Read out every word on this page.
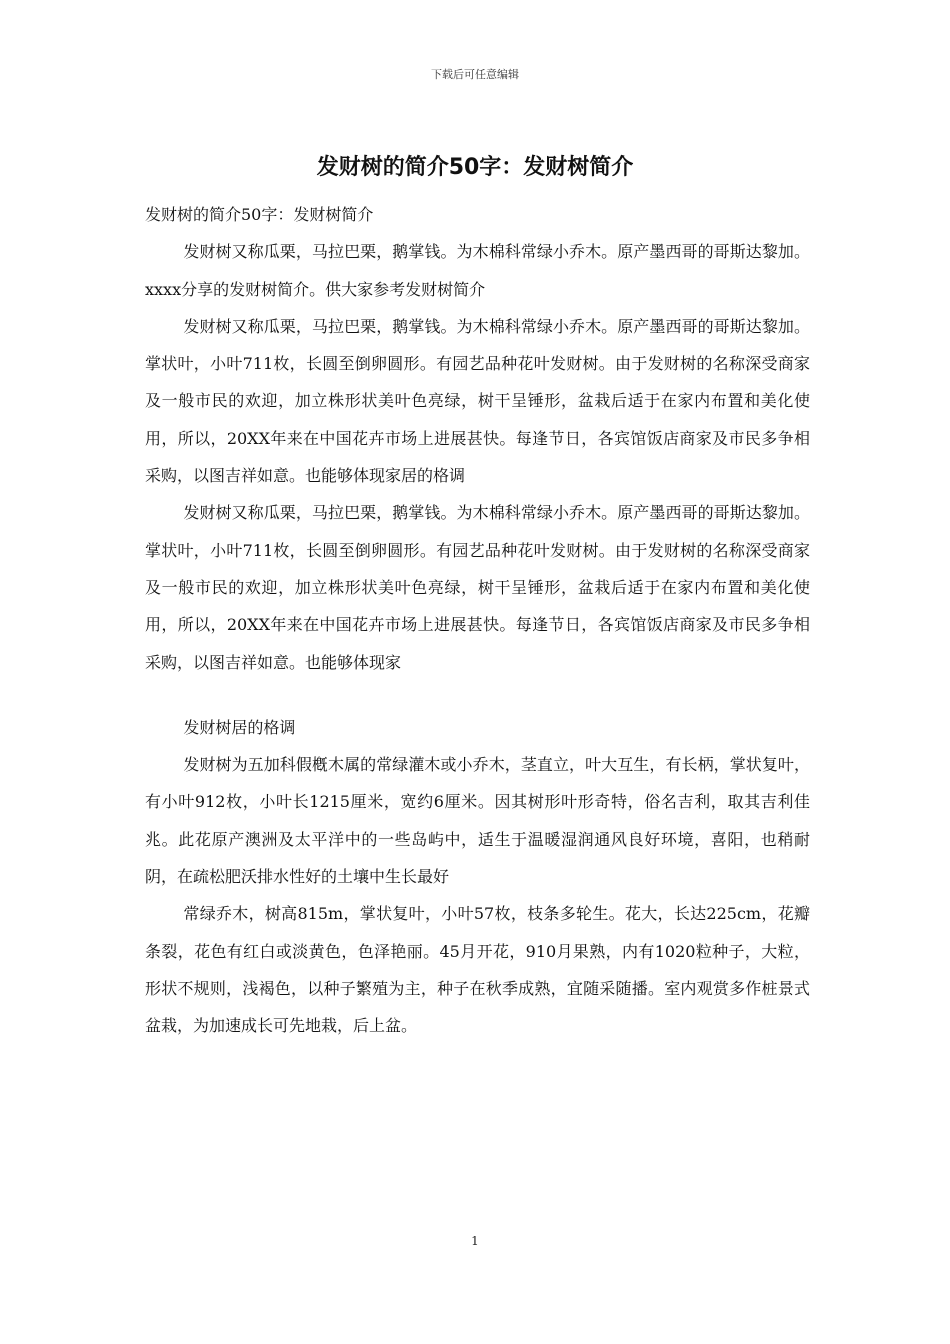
下载后可任意编辑
发财树的简介50字：发财树简介

发财树的简介50字：发财树简介

发财树又称瓜栗，马拉巴栗，鹅掌钱。为木棉科常绿小乔木。原产墨西哥的哥斯达黎加。xxxx分享的发财树简介。供大家参考发财树简介

发财树又称瓜栗，马拉巴栗，鹅掌钱。为木棉科常绿小乔木。原产墨西哥的哥斯达黎加。掌状叶，小叶711枚，长圆至倒卵圆形。有园艺品种花叶发财树。由于发财树的名称深受商家及一般市民的欢迎，加立株形状美叶色亮绿，树干呈锤形，盆栽后适于在家内布置和美化使用，所以，20XX年来在中国花卉市场上进展甚快。每逢节日，各宾馆饭店商家及市民多争相采购，以图吉祥如意。也能够体现家居的格调

发财树又称瓜栗，马拉巴栗，鹅掌钱。为木棉科常绿小乔木。原产墨西哥的哥斯达黎加。掌状叶，小叶711枚，长圆至倒卵圆形。有园艺品种花叶发财树。由于发财树的名称深受商家及一般市民的欢迎，加立株形状美叶色亮绿，树干呈锤形，盆栽后适于在家内布置和美化使用，所以，20XX年来在中国花卉市场上进展甚快。每逢节日，各宾馆饭店商家及市民多争相采购，以图吉祥如意。也能够体现家

发财树居的格调

发财树为五加科假槪木属的常绿灌木或小乔木，茎直立，叶大互生，有长柄，掌状复叶，有小叶912枚，小叶长1215厘米，宽约6厘米。因其树形叶形奇特，俗名吉利，取其吉利佳兆。此花原产澳洲及太平洋中的一些岛屿中，适生于温暖湿润通风良好环境，喜阳，也稍耐阴，在疏松肥沃排水性好的土壤中生长最好

常绿乔木，树高815m，掌状复叶，小叶57枚，枝条多轮生。花大，长达225cm，花瓣条裂，花色有红白或淡黄色，色泽艳丽。45月开花，910月果熟，内有1020粒种子，大粒，形状不规则，浅褐色，以种子繁殖为主，种子在秋季成熟，宜随采随播。室内观赏多作桩景式盆栽，为加速成长可先地栽，后上盆。

1
